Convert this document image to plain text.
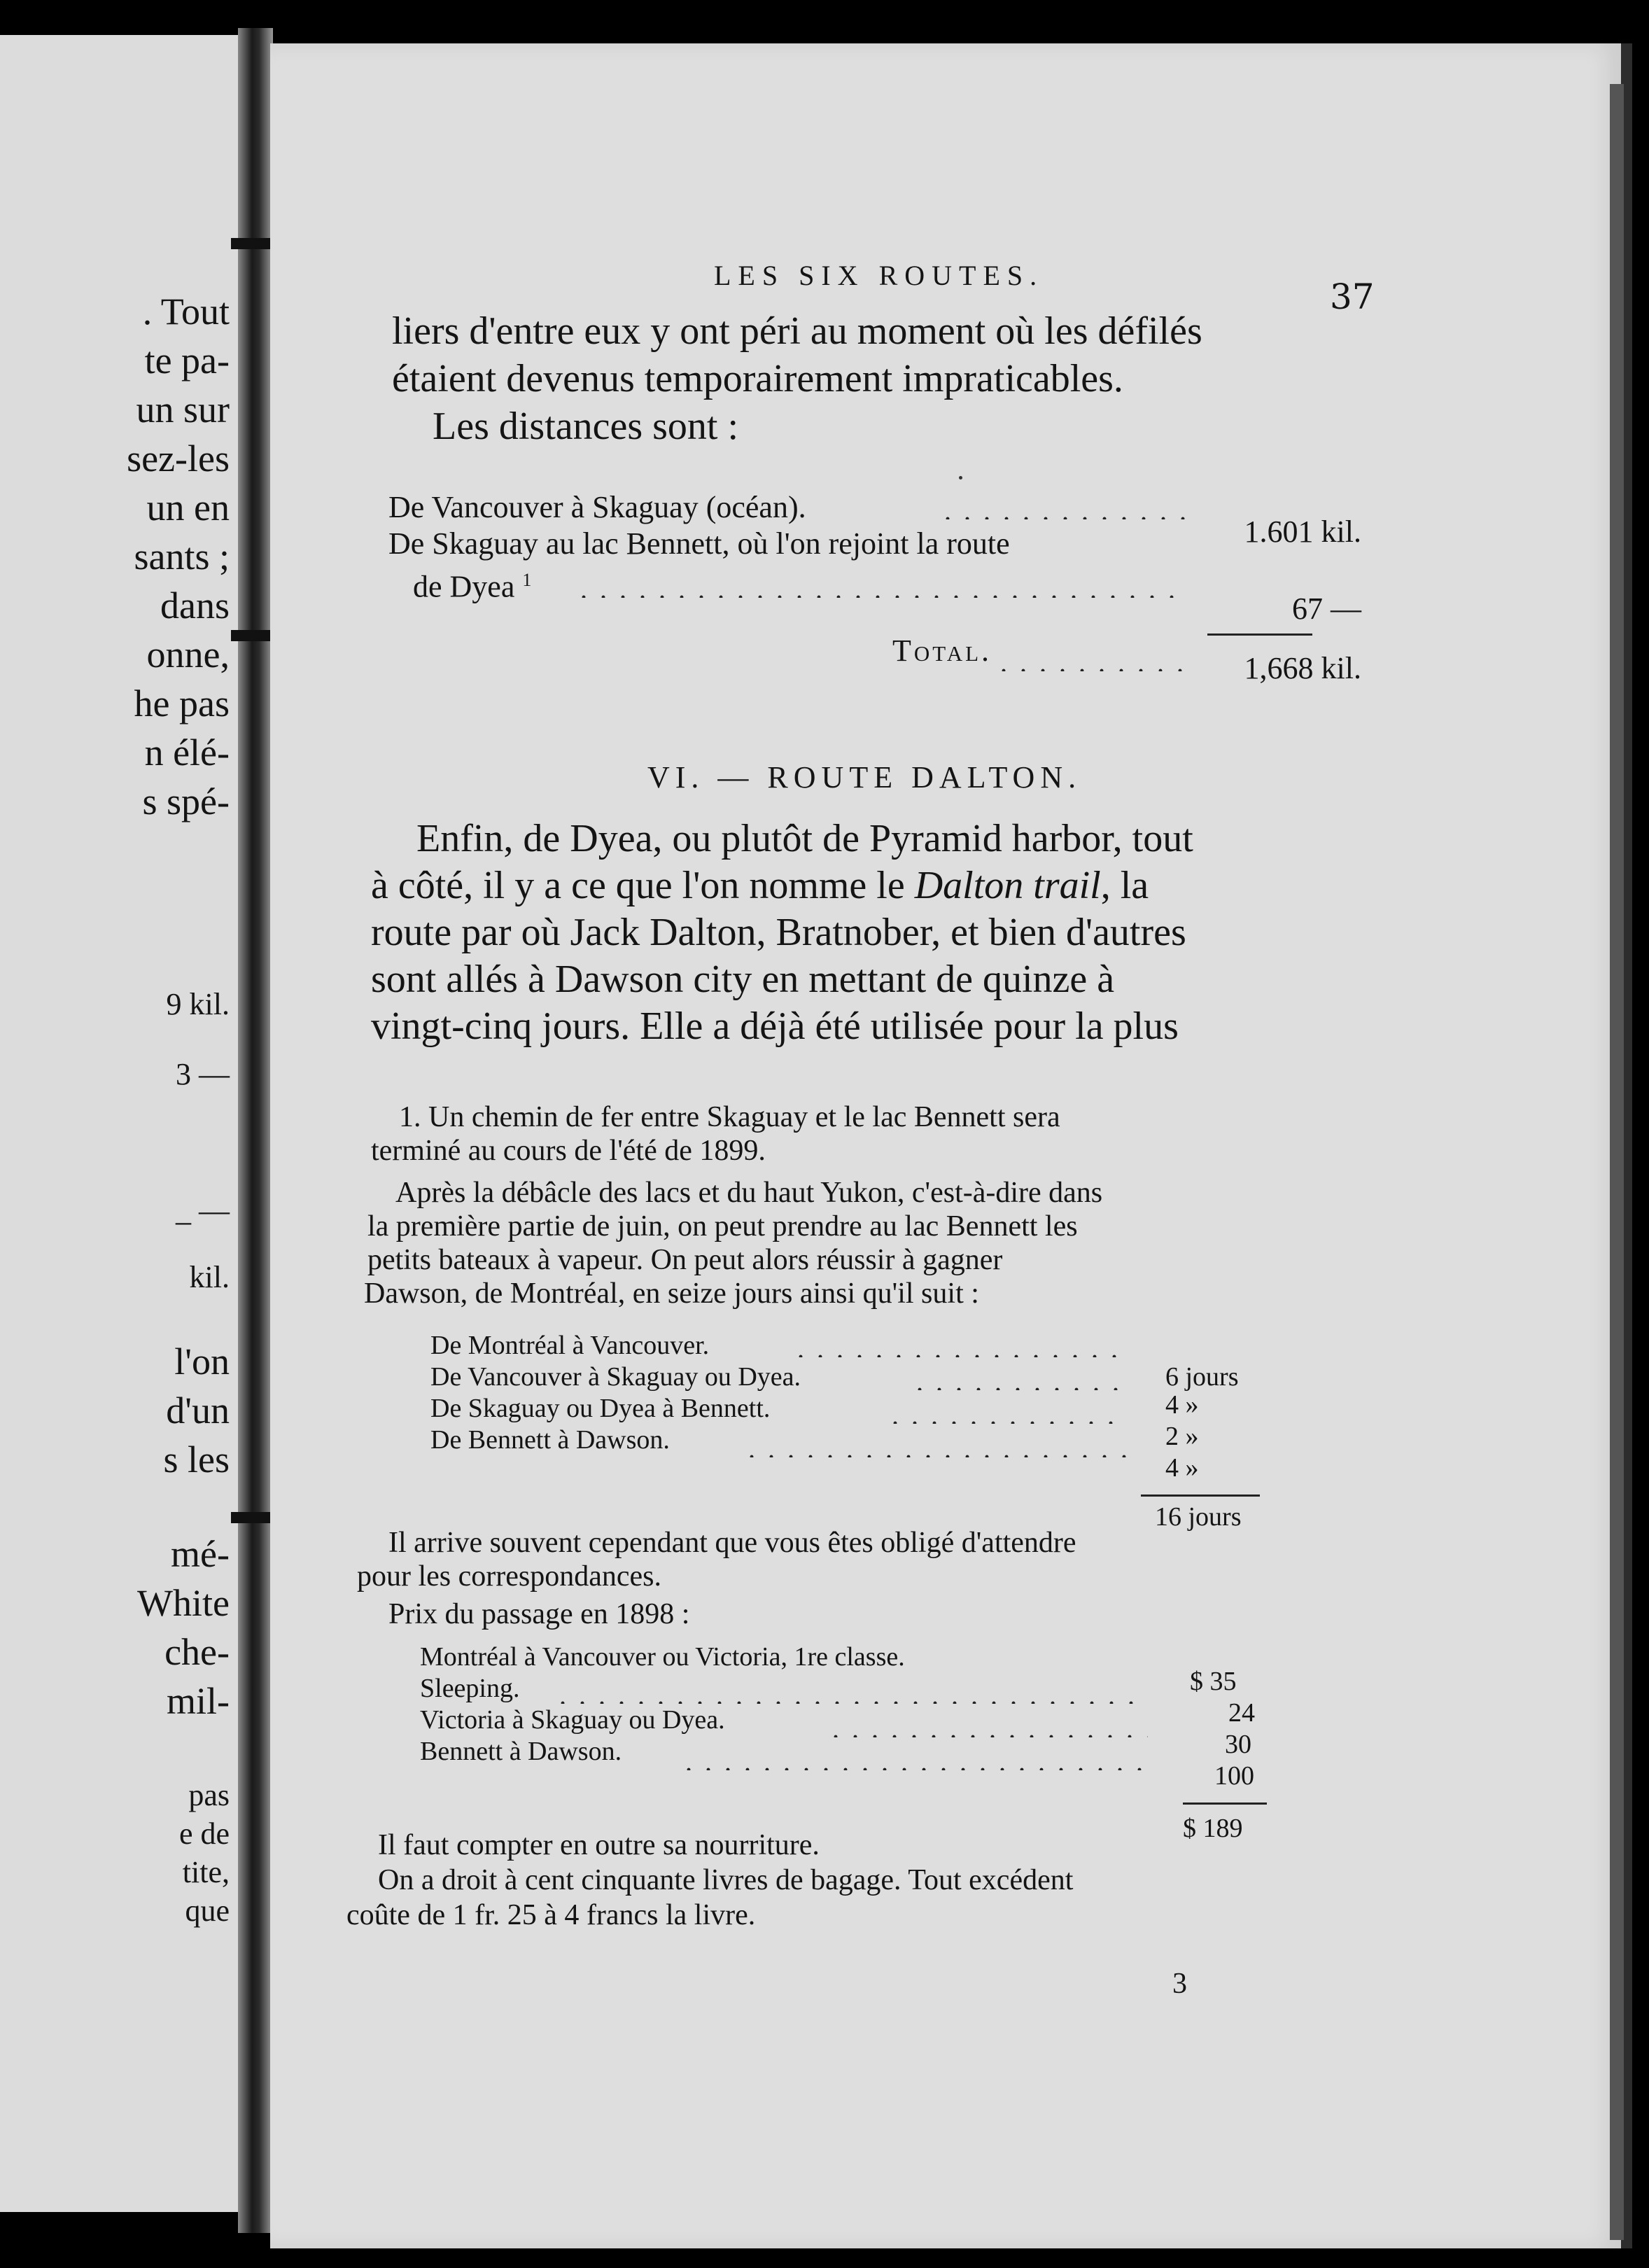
. Tout

te pa-

un sur

sez-les

un en

sants ;

dans

onne,

he pas

n élé-

s spé-

9 kil.

3 —

_ —

kil.

l'on

d'un

s les

mé-

White

che-

mil-

pas

e de

tite,

que

LES SIX ROUTES.

37

liers d'entre eux y ont péri au moment où les défilés

étaient devenus temporairement impraticables.

Les distances sont :

De Vancouver à Skaguay (océan).

1.601 kil.

De Skaguay au lac Bennett, où l'on rejoint la route

de Dyea $^1$

67 —

Total.

1,668 kil.

VI. — ROUTE DALTON.

Enfin, de Dyea, ou plutôt de Pyramid harbor, tout

à côté, il y a ce que l'on nomme le Dalton trail, la

route par où Jack Dalton, Bratnober, et bien d'autres

sont allés à Dawson city en mettant de quinze à

vingt-cinq jours. Elle a déjà été utilisée pour la plus

1. Un chemin de fer entre Skaguay et le lac Bennett sera

terminé au cours de l'été de 1899.

Après la débâcle des lacs et du haut Yukon, c'est-à-dire dans

la première partie de juin, on peut prendre au lac Bennett les

petits bateaux à vapeur. On peut alors réussir à gagner

Dawson, de Montréal, en seize jours ainsi qu'il suit :

De Montréal à Vancouver.

6 jours

De Vancouver à Skaguay ou Dyea.

4 »

De Skaguay ou Dyea à Bennett.

2 »

De Bennett à Dawson.

4 »

16 jours

Il arrive souvent cependant que vous êtes obligé d'attendre

pour les correspondances.

Prix du passage en 1898 :

Montréal à Vancouver ou Victoria, 1re classe.

$ 35

Sleeping.

24

Victoria à Skaguay ou Dyea.

30

Bennett à Dawson.

100

$ 189

Il faut compter en outre sa nourriture.

On a droit à cent cinquante livres de bagage. Tout excédent

coûte de 1 fr. 25 à 4 francs la livre.

3
